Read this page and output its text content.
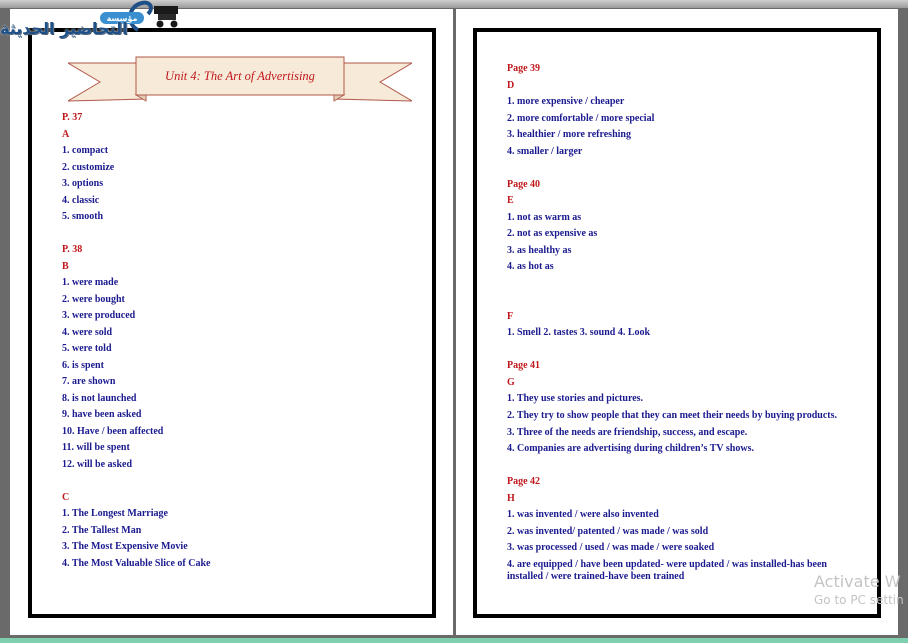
Unit 4: The Art of Advertising
P. 37
A
1. compact
2. customize
3. options
4. classic
5. smooth
P. 38
B
1. were made
2. were bought
3. were produced
4. were sold
5. were told
6. is spent
7. are shown
8. is not launched
9. have been asked
10. Have / been affected
11. will be spent
12. will be asked
C
1. The Longest Marriage
2. The Tallest Man
3. The Most Expensive Movie
4. The Most Valuable Slice of Cake
Page 39
D
1. more expensive / cheaper
2. more comfortable / more special
3. healthier / more refreshing
4. smaller / larger
Page 40
E
1. not as warm as
2. not as expensive as
3. as healthy as
4. as hot as
F
1. Smell 2. tastes 3. sound 4. Look
Page 41
G
1. They use stories and pictures.
2. They try to show people that they can meet their needs by buying products.
3. Three of the needs are friendship, success, and escape.
4. Companies are advertising during children’s TV shows.
Page 42
H
1. was invented / were also invented
2. was invented/ patented / was made / was sold
3. was processed / used / was made / were soaked
4. are equipped / have been updated- were updated / was installed-has been installed / were trained-have been trained
مؤسسة
التحاضير الحديثة
Activate W
Go to PC settin
